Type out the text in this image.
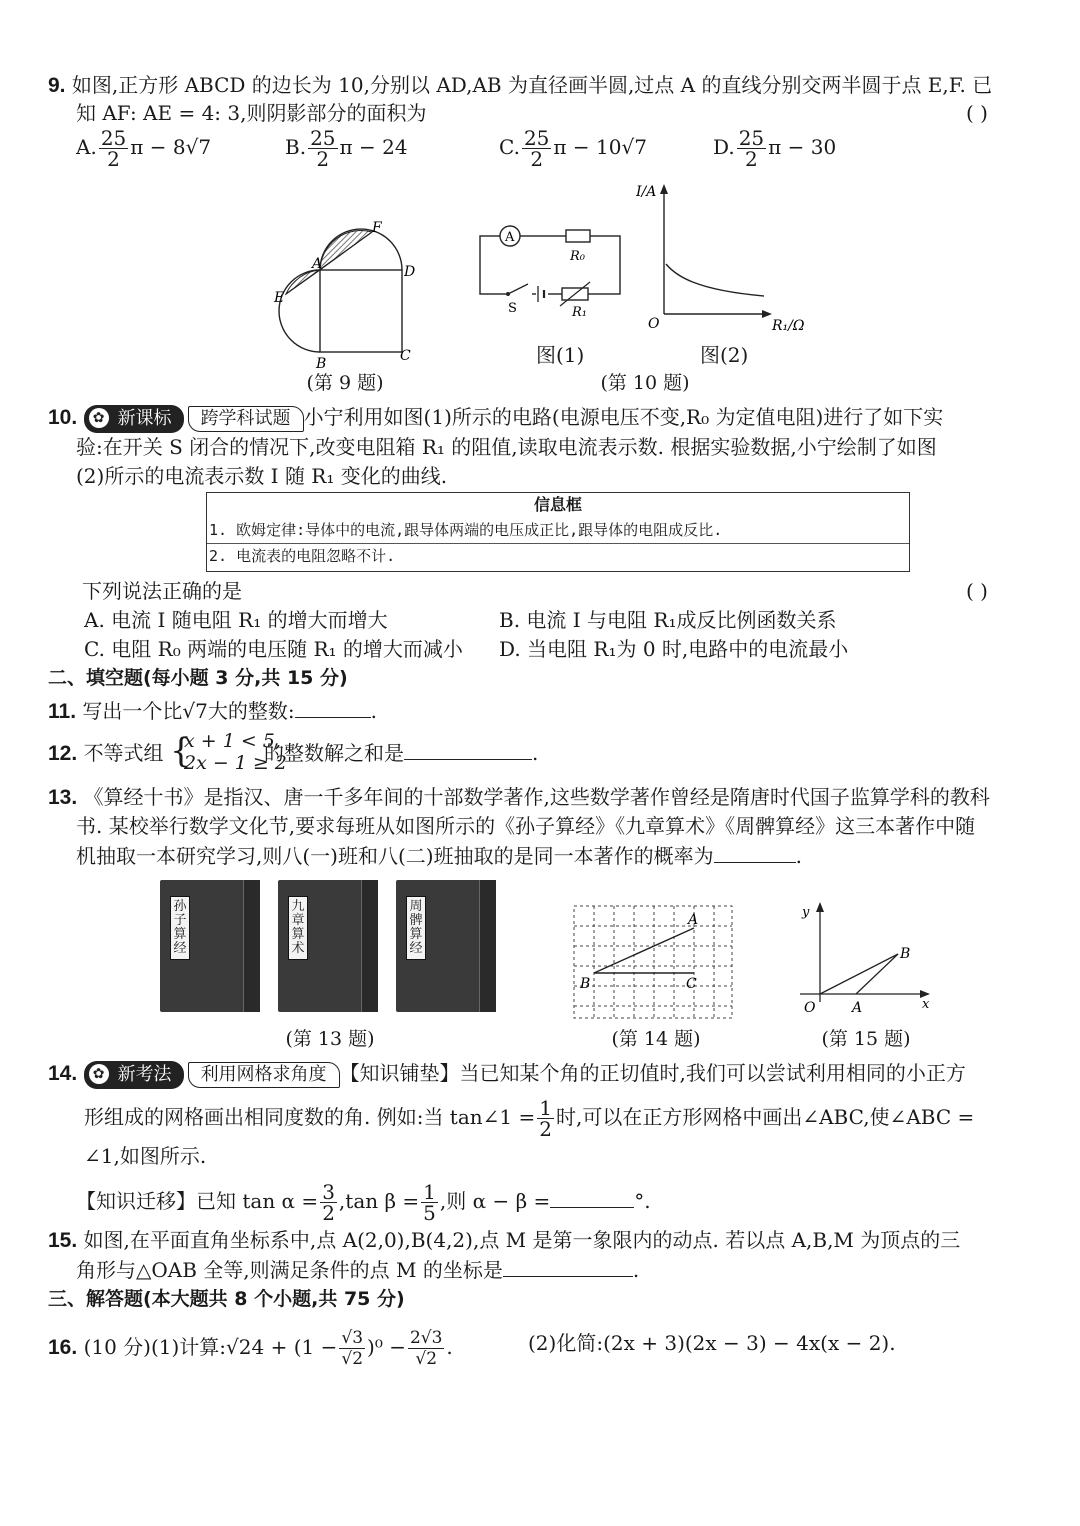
9. 如图,正方形 ABCD 的边长为 10,分别以 AD,AB 为直径画半圆,过点 A 的直线分别交两半圆于点 E,F. 已
知 AF: AE = 4: 3,则阴影部分的面积为	( )
A. $\frac{25}{2}$ π − 8√7	B. $\frac{25}{2}$ π − 24	C. $\frac{25}{2}$ π − 10√7	D. $\frac{25}{2}$ π − 30
A
F
D
E
B	C
(第 9 题)
A
R₀
S	R₁
图(1)
I/A
O	R₁/Ω
图(2)
(第 10 题)
10. ✿ 新课标 跨学科试题 小宁利用如图(1)所示的电路(电源电压不变,R₀ 为定值电阻)进行了如下实
验:在开关 S 闭合的情况下,改变电阻箱 R₁ 的阻值,读取电流表示数. 根据实验数据,小宁绘制了如图
(2)所示的电流表示数 I 随 R₁ 变化的曲线.
信息框
1. 欧姆定律:导体中的电流,跟导体两端的电压成正比,跟导体的电阻成反比.
2. 电流表的电阻忽略不计.
下列说法正确的是	( )
A. 电流 I 随电阻 R₁ 的增大而增大	B. 电流 I 与电阻 R₁成反比例函数关系
C. 电阻 R₀ 两端的电压随 R₁ 的增大而减小 D. 当电阻 R₁为 0 时,电路中的电流最小
二、填空题(每小题 3 分,共 15 分)
11. 写出一个比√7大的整数:	.
12. 不等式组 {
x + 1 < 5,
2x − 1 ≥ 2
的整数解之和是	.
13. 《算经十书》是指汉、唐一千多年间的十部数学著作,这些数学著作曾经是隋唐时代国子监算学科的教科
书. 某校举行数学文化节,要求每班从如图所示的《孙子算经》《九章算术》《周髀算经》这三本著作中随
机抽取一本研究学习,则八(一)班和八(二)班抽取的是同一本著作的概率为	.
孙子算经
九章算术
周髀算经
(第 13 题)
A
B	C
(第 14 题)
y
x
O	A
B
(第 15 题)
14. ✿ 新考法 利用网格求角度 【知识铺垫】当已知某个角的正切值时,我们可以尝试利用相同的小正方
形组成的网格画出相同度数的角. 例如:当 tan∠1 = $\frac{1}{2}$ 时,可以在正方形网格中画出∠ABC,使∠ABC =
∠1,如图所示.
【知识迁移】已知 $\tan \alpha = \frac{3}{2} ,\tan$ $\beta = \frac{1}{5}$ ,则 α − β =	°.
15. 如图,在平面直角坐标系中,点 A(2,0),B(4,2),点 M 是第一象限内的动点. 若以点 A,B,M 为顶点的三
角形与△OAB 全等,则满足条件的点 M 的坐标是	.
三、解答题(本大题共 8 个小题,共 75 分)
16. (10 分)(1)计算:√24 + $(1 - \frac{√3}{√2} )^0 - \frac{2√3}{√2}$ .	(2)化简:(2x + 3)(2x − 3) − 4x(x − 2).
